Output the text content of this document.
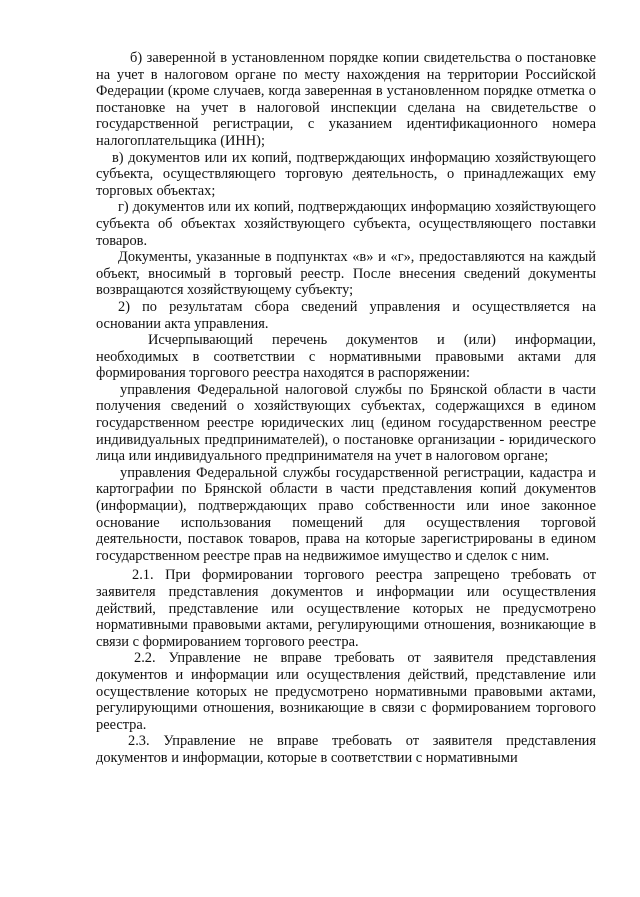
б) заверенной в установленном порядке копии свидетельства о постановке на учет в налоговом органе по месту нахождения на территории Российской Федерации (кроме случаев, когда заверенная в установленном порядке отметка о постановке на учет в налоговой инспекции сделана на свидетельстве о государственной регистрации, с указанием идентификационного номера налогоплательщика (ИНН);

в) документов или их копий, подтверждающих информацию хозяйствующего субъекта, осуществляющего торговую деятельность, о принадлежащих ему торговых объектах;

г) документов или их копий, подтверждающих информацию хозяйствующего субъекта об объектах хозяйствующего субъекта, осуществляющего поставки товаров.

Документы, указанные в подпунктах «в» и «г», предоставляются на каждый объект, вносимый в торговый реестр. После внесения сведений документы возвращаются хозяйствующему субъекту;

2) по результатам сбора сведений управления и осуществляется на основании акта управления.

Исчерпывающий перечень документов и (или) информации, необходимых в соответствии с нормативными правовыми актами для формирования торгового реестра находятся в распоряжении:

управления Федеральной налоговой службы по Брянской области в части получения сведений о хозяйствующих субъектах, содержащихся в едином государственном реестре юридических лиц (едином государственном реестре индивидуальных предпринимателей), о постановке организации - юридического лица или индивидуального предпринимателя на учет в налоговом органе;

управления Федеральной службы государственной регистрации, кадастра и картографии по Брянской области в части представления копий документов (информации), подтверждающих право собственности или иное законное основание использования помещений для осуществления торговой деятельности, поставок товаров, права на которые зарегистрированы в едином государственном реестре прав на недвижимое имущество и сделок с ним.

2.1. При формировании торгового реестра запрещено требовать от заявителя представления документов и информации или осуществления действий, представление или осуществление которых не предусмотрено нормативными правовыми актами, регулирующими отношения, возникающие в связи с формированием торгового реестра.

2.2. Управление не вправе требовать от заявителя представления документов и информации или осуществления действий, представление или осуществление которых не предусмотрено нормативными правовыми актами, регулирующими отношения, возникающие в связи с формированием торгового реестра.

2.3. Управление не вправе требовать от заявителя представления документов и информации, которые в соответствии с нормативными
